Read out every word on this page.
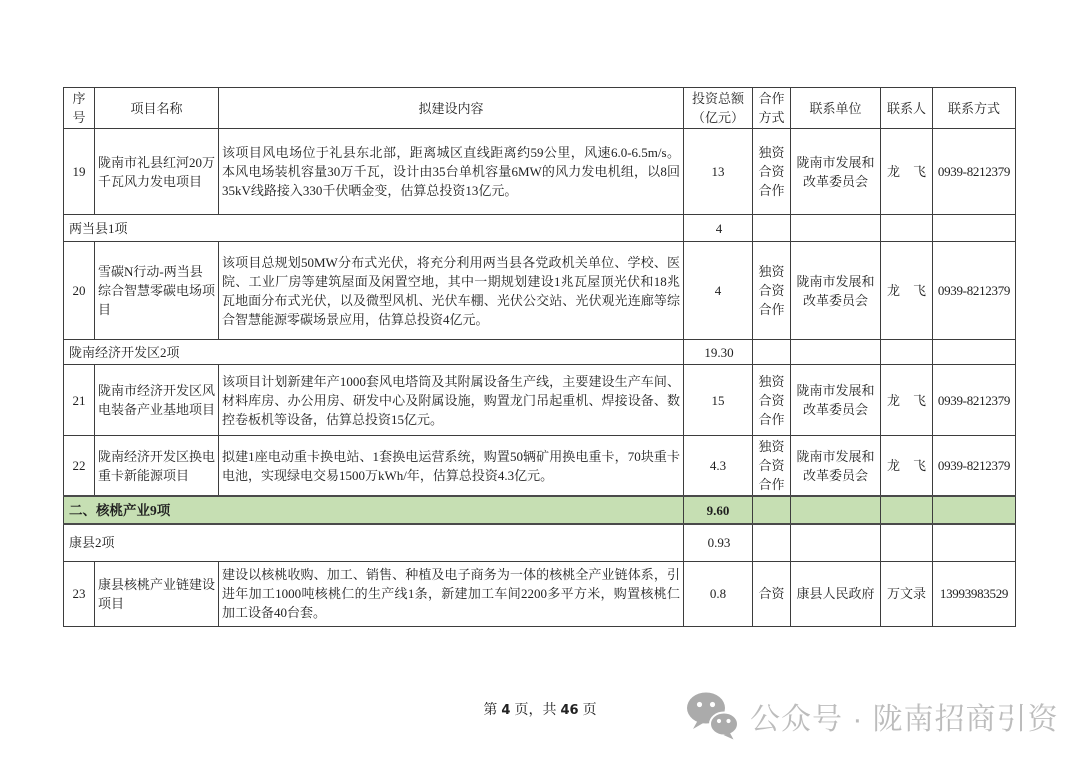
序号	项目名称	拟建设内容	投资总额 （亿元）	合作方式	联系单位	联系人	联系方式
19	陇南市礼县红河20万千瓦风力发电项目	该项目风电场位于礼县东北部，距离城区直线距离约59公里，风速6.0-6.5m/s。本风电场装机容量30万千瓦，设计由35台单机容量6MW的风力发电机组，以8回35kV线路接入330千伏晒金变，估算总投资13亿元。	13	独资合资合作	陇南市发展和改革委员会	龙　飞	0939-8212379
两当县1项			4				
20	雪碳N行动-两当县综合智慧零碳电场项目	该项目总规划50MW分布式光伏，将充分利用两当县各党政机关单位、学校、医院、工业厂房等建筑屋面及闲置空地，其中一期规划建设1兆瓦屋顶光伏和18兆瓦地面分布式光伏，以及微型风机、光伏车棚、光伏公交站、光伏观光连廊等综合智慧能源零碳场景应用，估算总投资4亿元。	4	独资合资合作	陇南市发展和改革委员会	龙　飞	0939-8212379
陇南经济开发区2项			19.30				
21	陇南市经济开发区风电装备产业基地项目	该项目计划新建年产1000套风电塔筒及其附属设备生产线，主要建设生产车间、材料库房、办公用房、研发中心及附属设施，购置龙门吊起重机、焊接设备、数控卷板机等设备，估算总投资15亿元。	15	独资合资合作	陇南市发展和改革委员会	龙　飞	0939-8212379
22	陇南经济开发区换电重卡新能源项目	拟建1座电动重卡换电站、1套换电运营系统，购置50辆矿用换电重卡，70块重卡电池，实现绿电交易1500万kWh/年，估算总投资4.3亿元。	4.3	独资合资合作	陇南市发展和改革委员会	龙　飞	0939-8212379
二、核桃产业9项			9.60				
康县2项			0.93				
23	康县核桃产业链建设项目	建设以核桃收购、加工、销售、种植及电子商务为一体的核桃全产业链体系，引进年加工1000吨核桃仁的生产线1条，新建加工车间2200多平方米，购置核桃仁加工设备40台套。	0.8	合资	康县人民政府	万文录	13993983529
第 4 页，共 46 页	公众号 · 陇南招商引资
